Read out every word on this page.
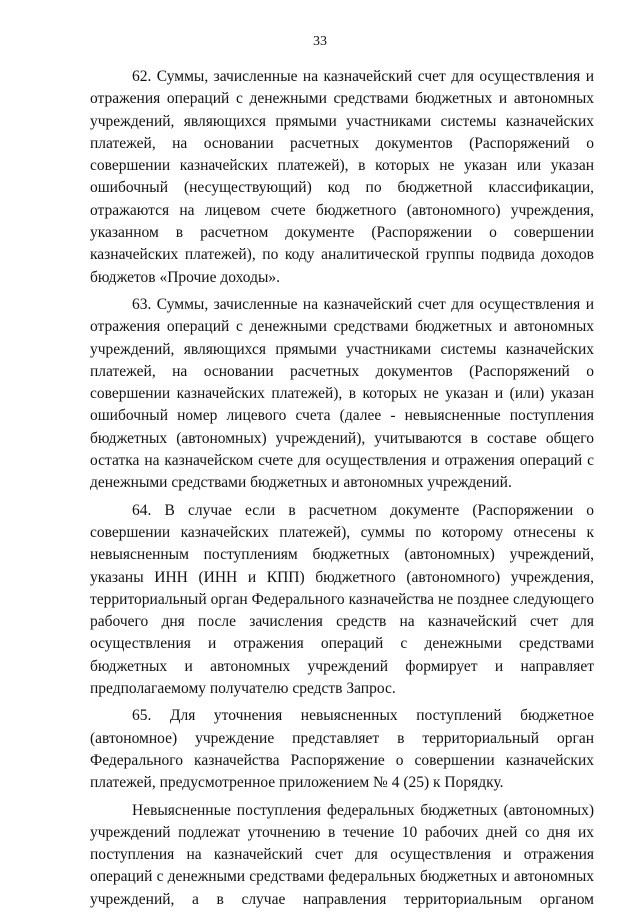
33

62. Суммы, зачисленные на казначейский счет для осуществления и отражения операций с денежными средствами бюджетных и автономных учреждений, являющихся прямыми участниками системы казначейских платежей, на основании расчетных документов (Распоряжений о совершении казначейских платежей), в которых не указан или указан ошибочный (несуществующий) код по бюджетной классификации, отражаются на лицевом счете бюджетного (автономного) учреждения, указанном в расчетном документе (Распоряжении о совершении казначейских платежей), по коду аналитической группы подвида доходов бюджетов «Прочие доходы».

63. Суммы, зачисленные на казначейский счет для осуществления и отражения операций с денежными средствами бюджетных и автономных учреждений, являющихся прямыми участниками системы казначейских платежей, на основании расчетных документов (Распоряжений о совершении казначейских платежей), в которых не указан и (или) указан ошибочный номер лицевого счета (далее - невыясненные поступления бюджетных (автономных) учреждений), учитываются в составе общего остатка на казначейском счете для осуществления и отражения операций с денежными средствами бюджетных и автономных учреждений.

64. В случае если в расчетном документе (Распоряжении о совершении казначейских платежей), суммы по которому отнесены к невыясненным поступлениям бюджетных (автономных) учреждений, указаны ИНН (ИНН и КПП) бюджетного (автономного) учреждения, территориальный орган Федерального казначейства не позднее следующего рабочего дня после зачисления средств на казначейский счет для осуществления и отражения операций с денежными средствами бюджетных и автономных учреждений формирует и направляет предполагаемому получателю средств Запрос.

65. Для уточнения невыясненных поступлений бюджетное (автономное) учреждение представляет в территориальный орган Федерального казначейства Распоряжение о совершении казначейских платежей, предусмотренное приложением № 4 (25) к Порядку.

Невыясненные поступления федеральных бюджетных (автономных) учреждений подлежат уточнению в течение 10 рабочих дней со дня их поступления на казначейский счет для осуществления и отражения операций с денежными средствами федеральных бюджетных и автономных учреждений, а в случае направления территориальным органом
